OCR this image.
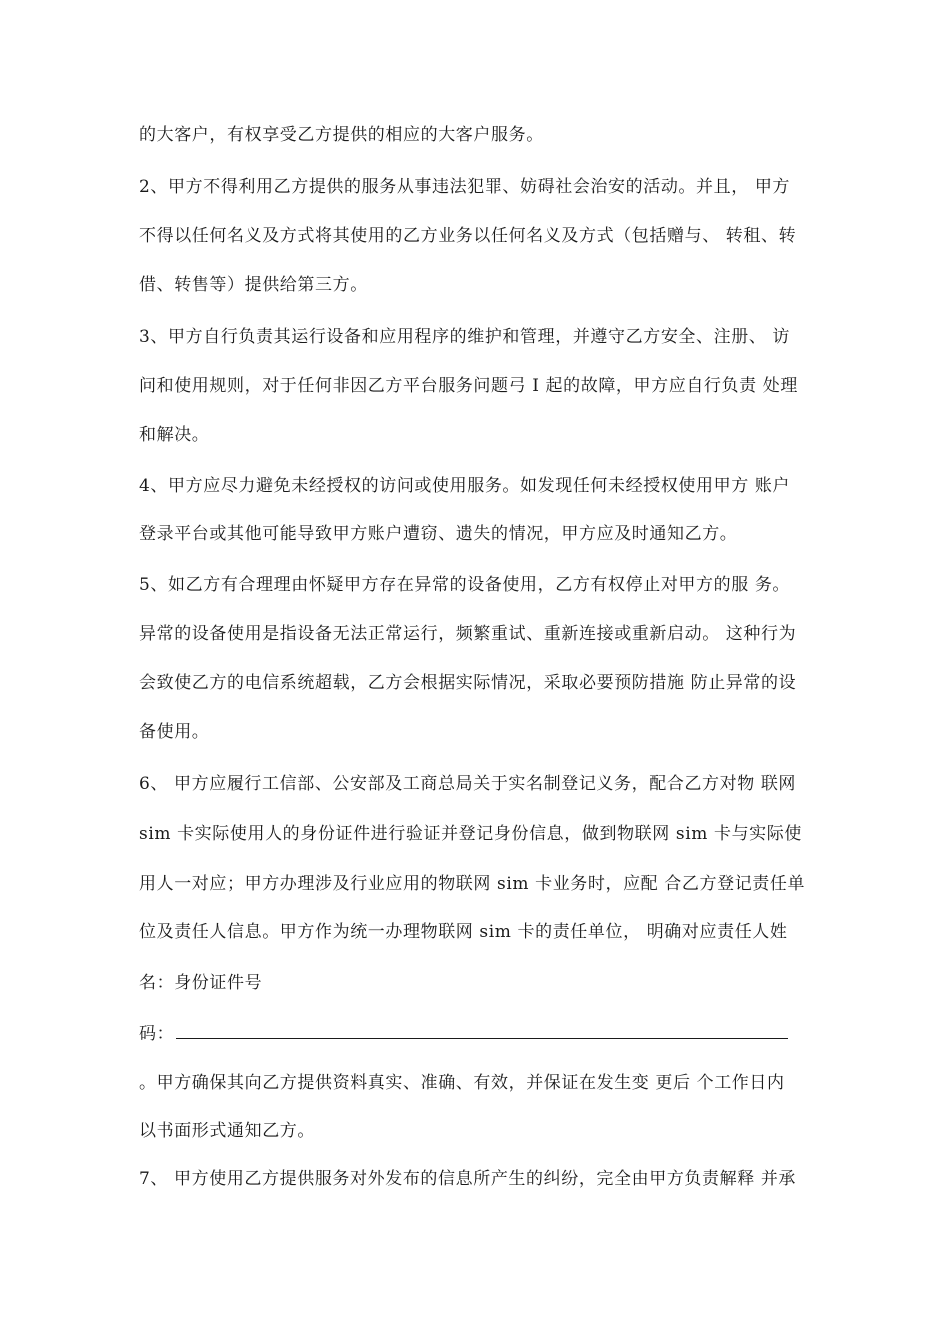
的大客户，有权享受乙方提供的相应的大客户服务。
2、甲方不得利用乙方提供的服务从事违法犯罪、妨碍社会治安的活动。并且， 甲方
不得以任何名义及方式将其使用的乙方业务以任何名义及方式（包括赠与、 转租、转
借、转售等）提供给第三方。
3、甲方自行负责其运行设备和应用程序的维护和管理，并遵守乙方安全、注册、 访
问和使用规则，对于任何非因乙方平台服务问题弓 I 起的故障，甲方应自行负责 处理
和解决。
4、甲方应尽力避免未经授权的访问或使用服务。如发现任何未经授权使用甲方 账户
登录平台或其他可能导致甲方账户遭窃、遗失的情况，甲方应及时通知乙方。
5、如乙方有合理理由怀疑甲方存在异常的设备使用，乙方有权停止对甲方的服 务。
异常的设备使用是指设备无法正常运行，频繁重试、重新连接或重新启动。 这种行为
会致使乙方的电信系统超载，乙方会根据实际情况，采取必要预防措施 防止异常的设
备使用。
6、 甲方应履行工信部、公安部及工商总局关于实名制登记义务，配合乙方对物 联网
sim 卡实际使用人的身份证件进行验证并登记身份信息，做到物联网 sim 卡与实际使
用人一对应；甲方办理涉及行业应用的物联网 sim 卡业务时，应配 合乙方登记责任单
位及责任人信息。甲方作为统一办理物联网 sim 卡的责任单位， 明确对应责任人姓
名：身份证件号
码：
。甲方确保其向乙方提供资料真实、准确、有效，并保证在发生变 更后 个工作日内
以书面形式通知乙方。
7、 甲方使用乙方提供服务对外发布的信息所产生的纠纷，完全由甲方负责解释 并承
